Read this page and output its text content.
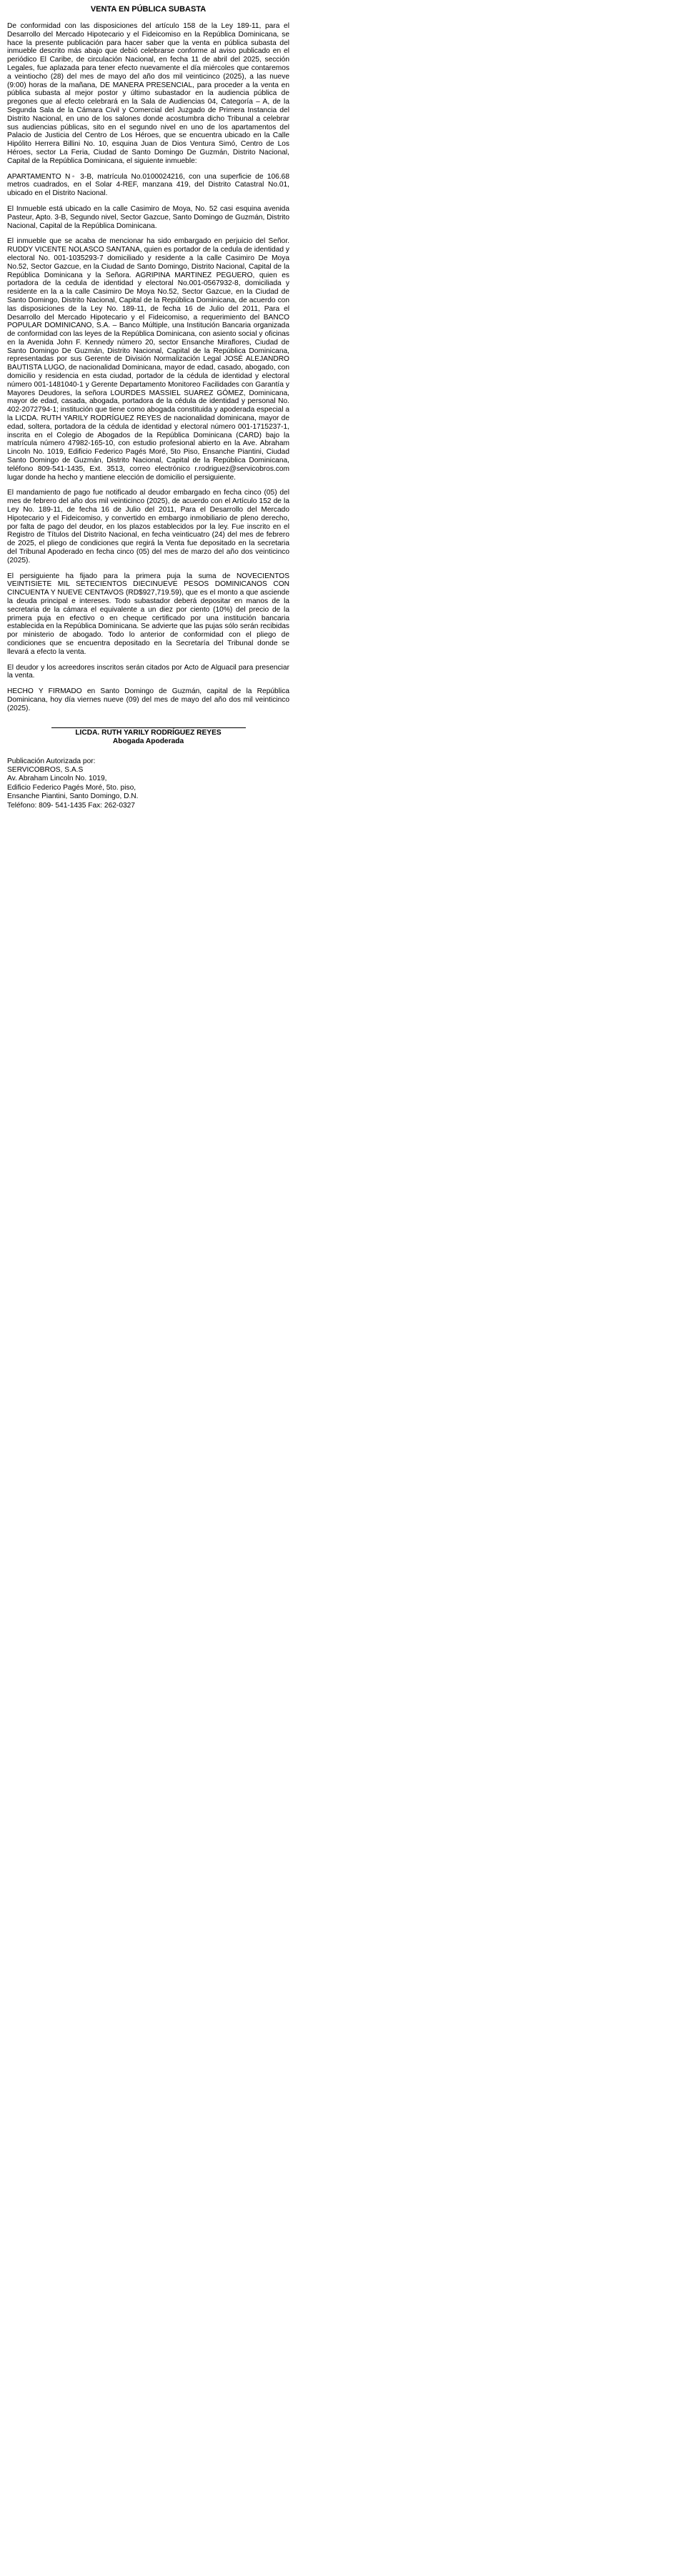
VENTA EN PÚBLICA SUBASTA

De conformidad con las disposiciones del artículo 158 de la Ley 189-11, para el Desarrollo del Mercado Hipotecario y el Fideicomiso en la República Dominicana, se hace la presente publicación para hacer saber que la venta en pública subasta del inmueble descrito más abajo que debió celebrarse conforme al aviso publicado en el periódico El Caribe, de circulación Nacional, en fecha 11 de abril del 2025, sección Legales, fue aplazada para tener efecto nuevamente el día miércoles que contaremos a veintiocho (28) del mes de mayo del año dos mil veinticinco (2025), a las nueve (9:00) horas de la mañana, DE MANERA PRESENCIAL, para proceder a la venta en pública subasta al mejor postor y último subastador en la audiencia pública de pregones que al efecto celebrará en la Sala de Audiencias 04, Categoría – A, de la Segunda Sala de la Cámara Civil y Comercial del Juzgado de Primera Instancia del Distrito Nacional, en uno de los salones donde acostumbra dicho Tribunal a celebrar sus audiencias públicas, sito en el segundo nivel en uno de los apartamentos del Palacio de Justicia del Centro de Los Héroes, que se encuentra ubicado en la Calle Hipólito Herrera Billini No. 10, esquina Juan de Dios Ventura Simó, Centro de Los Héroes, sector La Feria, Ciudad de Santo Domingo De Guzmán, Distrito Nacional, Capital de la República Dominicana, el siguiente inmueble:

APARTAMENTO N◦ 3-B, matrícula No.0100024216, con una superficie de 106.68 metros cuadrados, en el Solar 4-REF, manzana 419, del Distrito Catastral No.01, ubicado en el Distrito Nacional.

El Inmueble está ubicado en la calle Casimiro de Moya, No. 52 casi esquina avenida Pasteur, Apto. 3-B, Segundo nivel, Sector Gazcue, Santo Domingo de Guzmán, Distrito Nacional, Capital de la República Dominicana.

El inmueble que se acaba de mencionar ha sido embargado en perjuicio del Señor. RUDDY VICENTE NOLASCO SANTANA, quien es portador de la cedula de identidad y electoral No. 001-1035293-7 domiciliado y residente a la calle Casimiro De Moya No.52, Sector Gazcue, en la Ciudad de Santo Domingo, Distrito Nacional, Capital de la República Dominicana y la Señora. AGRIPINA MARTINEZ PEGUERO, quien es portadora de la cedula de identidad y electoral No.001-0567932-8, domiciliada y residente en la a la calle Casimiro De Moya No.52, Sector Gazcue, en la Ciudad de Santo Domingo, Distrito Nacional, Capital de la República Dominicana, de acuerdo con las disposiciones de la Ley No. 189-11, de fecha 16 de Julio del 2011, Para el Desarrollo del Mercado Hipotecario y el Fideicomiso, a requerimiento del BANCO POPULAR DOMINICANO, S.A. – Banco Múltiple, una Institución Bancaria organizada de conformidad con las leyes de la República Dominicana, con asiento social y oficinas en la Avenida John F. Kennedy número 20, sector Ensanche Miraflores, Ciudad de Santo Domingo De Guzmán, Distrito Nacional, Capital de la República Dominicana, representadas por sus Gerente de División Normalización Legal JOSÉ ALEJANDRO BAUTISTA LUGO, de nacionalidad Dominicana, mayor de edad, casado, abogado, con domicilio y residencia en esta ciudad, portador de la cédula de identidad y electoral número 001-1481040-1 y Gerente Departamento Monitoreo Facilidades con Garantía y Mayores Deudores, la señora LOURDES MASSIEL SUAREZ GÓMEZ, Dominicana, mayor de edad, casada, abogada, portadora de la cédula de identidad y personal No. 402-2072794-1; institución que tiene como abogada constituida y apoderada especial a la LICDA. RUTH YARILY RODRÍGUEZ REYES de nacionalidad dominicana, mayor de edad, soltera, portadora de la cédula de identidad y electoral número 001-1715237-1, inscrita en el Colegio de Abogados de la República Dominicana (CARD) bajo la matrícula número 47982-165-10, con estudio profesional abierto en la Ave. Abraham Lincoln No. 1019, Edificio Federico Pagés Moré, 5to Piso, Ensanche Piantini, Ciudad Santo Domingo de Guzmán, Distrito Nacional, Capital de la República Dominicana, teléfono 809-541-1435, Ext. 3513, correo electrónico r.rodriguez@servicobros.com lugar donde ha hecho y mantiene elección de domicilio el persiguiente.

El mandamiento de pago fue notificado al deudor embargado en fecha cinco (05) del mes de febrero del año dos mil veinticinco (2025), de acuerdo con el Artículo 152 de la Ley No. 189-11, de fecha 16 de Julio del 2011, Para el Desarrollo del Mercado Hipotecario y el Fideicomiso, y convertido en embargo inmobiliario de pleno derecho, por falta de pago del deudor, en los plazos establecidos por la ley. Fue inscrito en el Registro de Títulos del Distrito Nacional, en fecha veinticuatro (24) del mes de febrero de 2025, el pliego de condiciones que regirá la Venta fue depositado en la secretaria del Tribunal Apoderado en fecha cinco (05) del mes de marzo del año dos veinticinco (2025).

El persiguiente ha fijado para la primera puja la suma de NOVECIENTOS VEINTISIETE MIL SETECIENTOS DIECINUEVE PESOS DOMINICANOS CON CINCUENTA Y NUEVE CENTAVOS (RD$927,719.59), que es el monto a que asciende la deuda principal e intereses. Todo subastador deberá depositar en manos de la secretaria de la cámara el equivalente a un diez por ciento (10%) del precio de la primera puja en efectivo o en cheque certificado por una institución bancaria establecida en la República Dominicana. Se advierte que las pujas sólo serán recibidas por ministerio de abogado. Todo lo anterior de conformidad con el pliego de condiciones que se encuentra depositado en la Secretaría del Tribunal donde se llevará a efecto la venta.

El deudor y los acreedores inscritos serán citados por Acto de Alguacil para presenciar la venta.

HECHO Y FIRMADO en Santo Domingo de Guzmán, capital de la República Dominicana, hoy día viernes nueve (09) del mes de mayo del año dos mil veinticinco (2025).

LICDA. RUTH YARILY RODRÍGUEZ REYES
Abogada Apoderada
Publicación Autorizada por:
SERVICOBROS, S.A.S
Av. Abraham Lincoln No. 1019,
Edificio Federico Pagés Moré, 5to. piso,
Ensanche Piantini, Santo Domingo, D.N.
Teléfono: 809- 541-1435 Fax: 262-0327
